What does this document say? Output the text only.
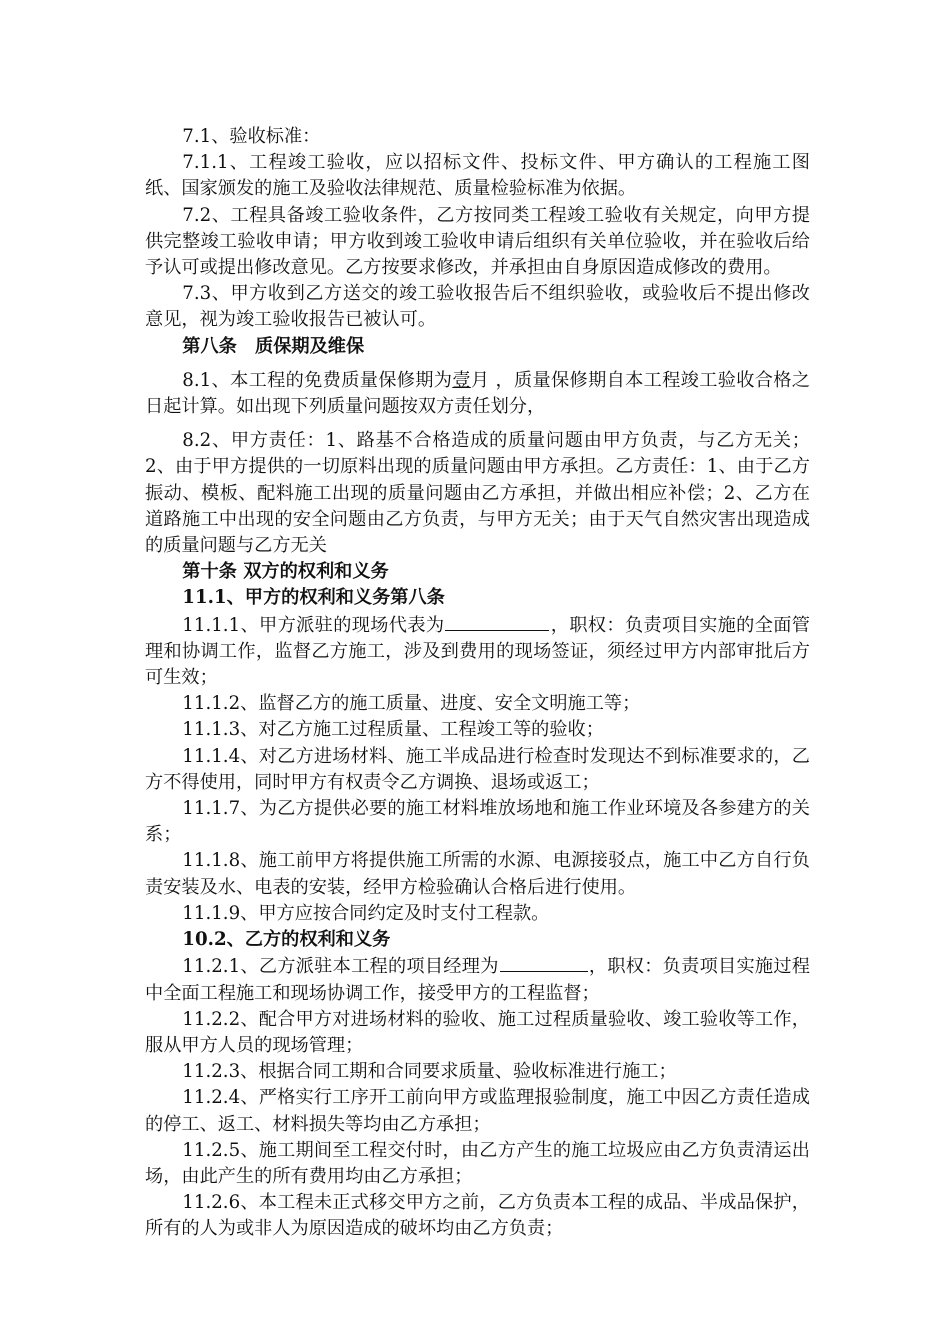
7.1、验收标准：

7.1.1、工程竣工验收，应以招标文件、投标文件、甲方确认的工程施工图纸、国家颁发的施工及验收法律规范、质量检验标准为依据。

7.2、工程具备竣工验收条件，乙方按同类工程竣工验收有关规定，向甲方提供完整竣工验收申请；甲方收到竣工验收申请后组织有关单位验收，并在验收后给予认可或提出修改意见。乙方按要求修改，并承担由自身原因造成修改的费用。

7.3、甲方收到乙方送交的竣工验收报告后不组织验收，或验收后不提出修改意见，视为竣工验收报告已被认可。

第八条　质保期及维保

8.1、本工程的免费质量保修期为壹月 ，质量保修期自本工程竣工验收合格之日起计算。如出现下列质量问题按双方责任划分，

8.2、甲方责任：1、路基不合格造成的质量问题由甲方负责，与乙方无关；2、由于甲方提供的一切原料出现的质量问题由甲方承担。乙方责任：1、由于乙方振动、模板、配料施工出现的质量问题由乙方承担，并做出相应补偿；2、乙方在道路施工中出现的安全问题由乙方负责，与甲方无关；由于天气自然灾害出现造成的质量问题与乙方无关

第十条 双方的权利和义务

11.1、甲方的权利和义务第八条

11.1.1、甲方派驻的现场代表为	，职权：负责项目实施的全面管理和协调工作，监督乙方施工，涉及到费用的现场签证，须经过甲方内部审批后方可生效；

11.1.2、监督乙方的施工质量、进度、安全文明施工等；

11.1.3、对乙方施工过程质量、工程竣工等的验收；

11.1.4、对乙方进场材料、施工半成品进行检查时发现达不到标准要求的，乙方不得使用，同时甲方有权责令乙方调换、退场或返工；

11.1.7、为乙方提供必要的施工材料堆放场地和施工作业环境及各参建方的关系；

11.1.8、施工前甲方将提供施工所需的水源、电源接驳点，施工中乙方自行负责安装及水、电表的安装，经甲方检验确认合格后进行使用。

11.1.9、甲方应按合同约定及时支付工程款。

10.2、乙方的权利和义务

11.2.1、乙方派驻本工程的项目经理为	，职权：负责项目实施过程中全面工程施工和现场协调工作，接受甲方的工程监督；

11.2.2、配合甲方对进场材料的验收、施工过程质量验收、竣工验收等工作，服从甲方人员的现场管理；

11.2.3、根据合同工期和合同要求质量、验收标准进行施工；

11.2.4、严格实行工序开工前向甲方或监理报验制度，施工中因乙方责任造成的停工、返工、材料损失等均由乙方承担；

11.2.5、施工期间至工程交付时，由乙方产生的施工垃圾应由乙方负责清运出场，由此产生的所有费用均由乙方承担；

11.2.6、本工程未正式移交甲方之前，乙方负责本工程的成品、半成品保护，所有的人为或非人为原因造成的破坏均由乙方负责；
